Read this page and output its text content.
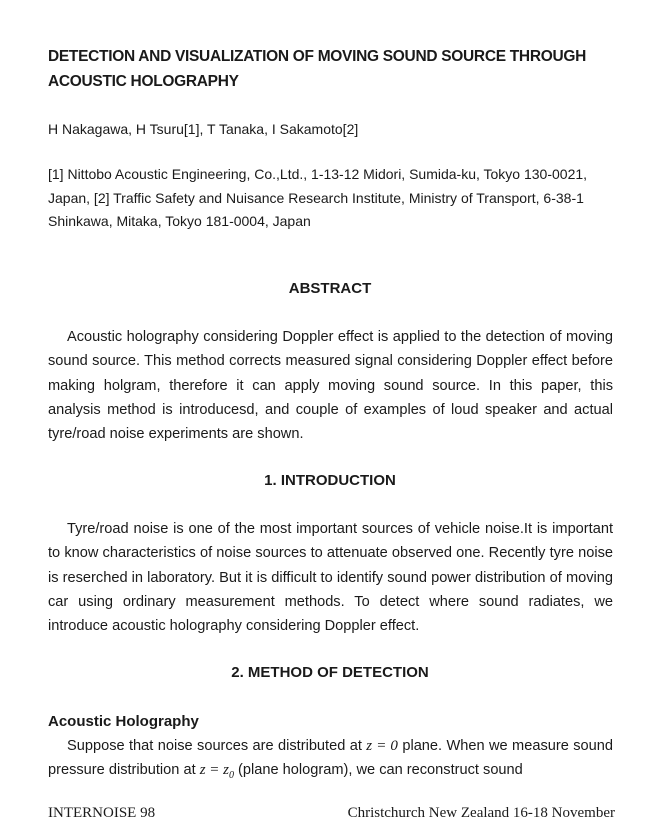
DETECTION AND VISUALIZATION OF MOVING SOUND SOURCE THROUGH ACOUSTIC HOLOGRAPHY
H Nakagawa, H Tsuru[1], T Tanaka, I Sakamoto[2]
[1] Nittobo Acoustic Engineering, Co.,Ltd., 1-13-12 Midori, Sumida-ku, Tokyo 130-0021, Japan, [2] Traffic Safety and Nuisance Research Institute, Ministry of Transport, 6-38-1 Shinkawa, Mitaka, Tokyo 181-0004, Japan
ABSTRACT
Acoustic holography considering Doppler effect is applied to the detection of moving sound source. This method corrects measured signal considering Doppler effect before making holgram, therefore it can apply moving sound source. In this paper, this analysis method is introducesd, and couple of examples of loud speaker and actual tyre/road noise experiments are shown.
1. INTRODUCTION
Tyre/road noise is one of the most important sources of vehicle noise.It is important to know characteristics of noise sources to attenuate observed one. Recently tyre noise is reserched in laboratory. But it is difficult to identify sound power distribution of moving car using ordinary measurement methods. To detect where sound radiates, we introduce acoustic holography considering Doppler effect.
2. METHOD OF DETECTION
Acoustic Holography
Suppose that noise sources are distributed at z = 0 plane. When we measure sound pressure distribution at $z = z_0$ (plane hologram), we can reconstruct sound
INTERNOISE 98	Christchurch New Zealand 16-18 November
